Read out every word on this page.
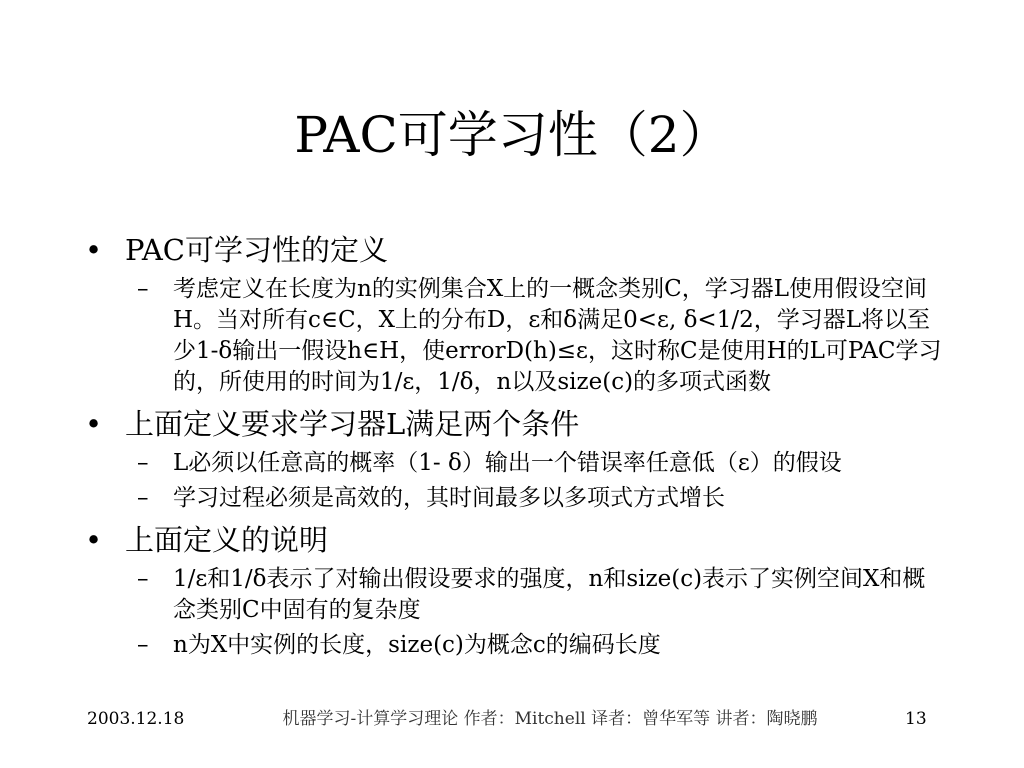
PAC可学习性（2）
• PAC可学习性的定义
–	考虑定义在长度为n的实例集合X上的一概念类别C，学习器L使用假设空间H。当对所有c∈C，X上的分布D，ε和δ满足0<ε, δ<1/2，学习器L将以至少1-δ输出一假设h∈H，使errorD(h)≤ε，这时称C是使用H的L可PAC学习的，所使用的时间为1/ε，1/δ，n以及size(c)的多项式函数
• 上面定义要求学习器L满足两个条件
–	L必须以任意高的概率（1- δ）输出一个错误率任意低（ε）的假设
–	学习过程必须是高效的，其时间最多以多项式方式增长
• 上面定义的说明
–	1/ε和1/δ表示了对输出假设要求的强度，n和size(c)表示了实例空间X和概念类别C中固有的复杂度
–	n为X中实例的长度，size(c)为概念c的编码长度
2003.12.18	机器学习-计算学习理论 作者：Mitchell 译者：曾华军等 讲者：陶晓鹏	13
